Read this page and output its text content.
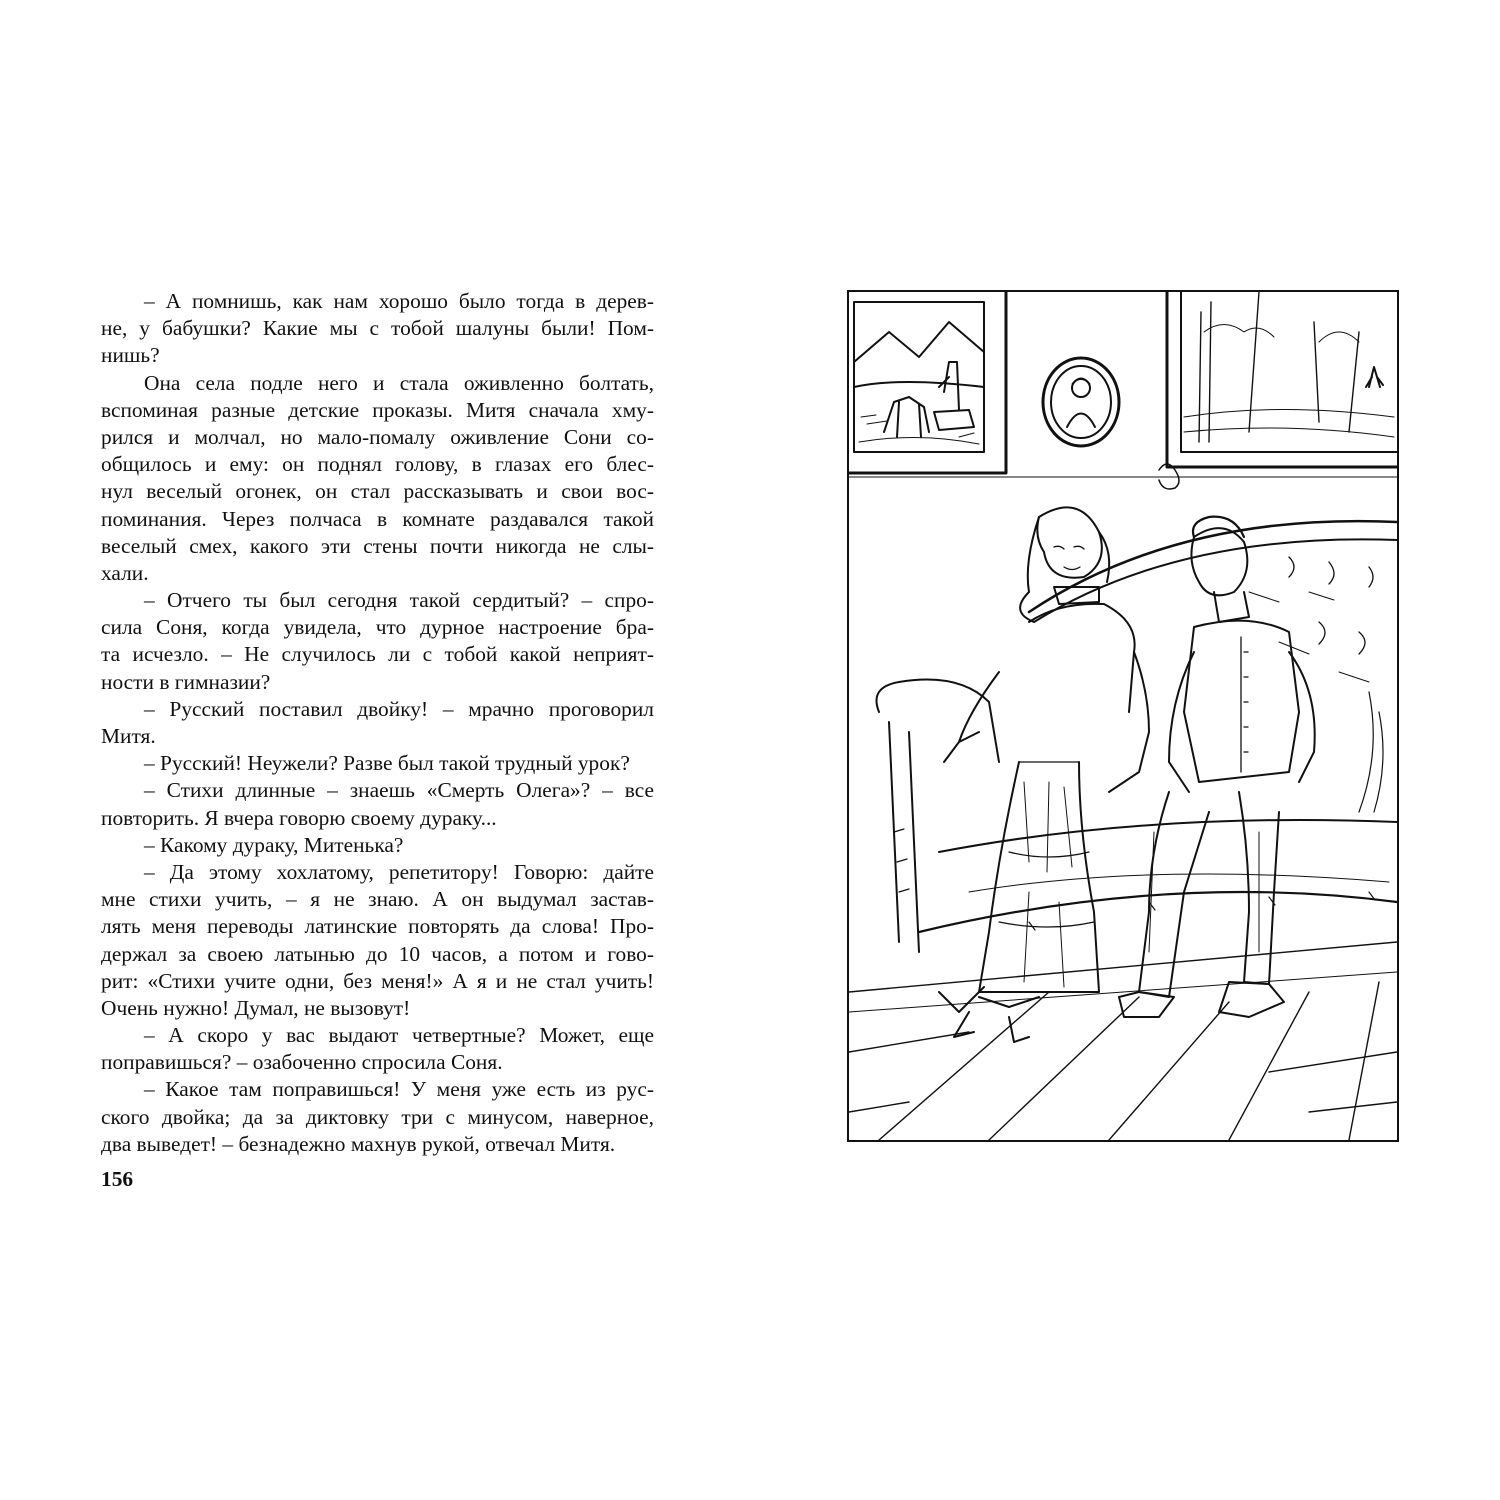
– А помнишь, как нам хорошо было тогда в дерев-
не, у бабушки? Какие мы с тобой шалуны были! Пом-
нишь?
Она села подле него и стала оживленно болтать,
вспоминая разные детские проказы. Митя сначала хму-
рился и молчал, но мало-помалу оживление Сони со-
общилось и ему: он поднял голову, в глазах его блес-
нул веселый огонек, он стал рассказывать и свои вос-
поминания. Через полчаса в комнате раздавался такой
веселый смех, какого эти стены почти никогда не слы-
хали.
– Отчего ты был сегодня такой сердитый? – спро-
сила Соня, когда увидела, что дурное настроение бра-
та исчезло. – Не случилось ли с тобой какой неприят-
ности в гимназии?
– Русский поставил двойку! – мрачно проговорил
Митя.
– Русский! Неужели? Разве был такой трудный урок?
– Стихи длинные – знаешь «Смерть Олега»? – все
повторить. Я вчера говорю своему дураку...
– Какому дураку, Митенька?
– Да этому хохлатому, репетитору! Говорю: дайте
мне стихи учить, – я не знаю. А он выдумал застав-
лять меня переводы латинские повторять да слова! Про-
держал за своею латынью до 10 часов, а потом и гово-
рит: «Стихи учите одни, без меня!» А я и не стал учить!
Очень нужно! Думал, не вызовут!
– А скоро у вас выдают четвертные? Может, еще
поправишься? – озабоченно спросила Соня.
– Какое там поправишься! У меня уже есть из рус-
ского двойка; да за диктовку три с минусом, наверное,
два выведет! – безнадежно махнув рукой, отвечал Митя.
156
